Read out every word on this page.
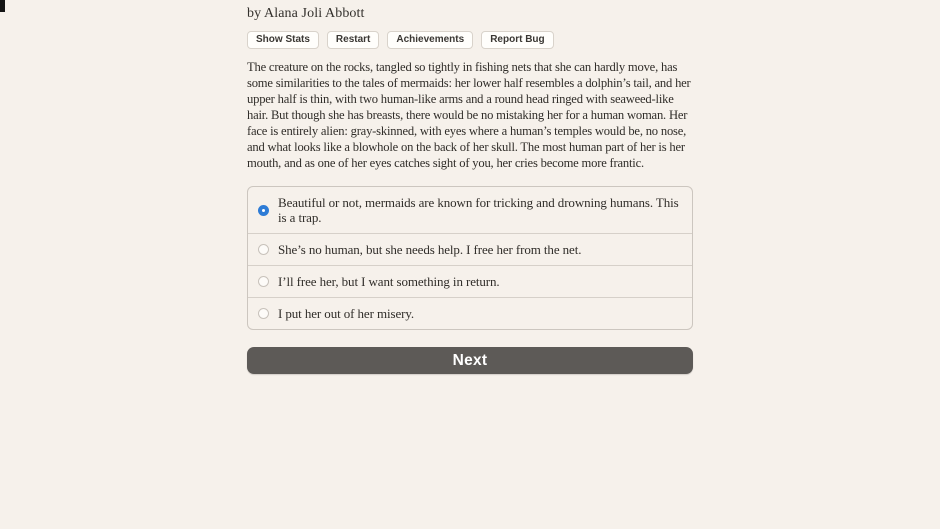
by Alana Joli Abbott

Show Stats	Restart	Achievements	Report Bug

The creature on the rocks, tangled so tightly in fishing nets that she can hardly move, has some similarities to the tales of mermaids: her lower half resembles a dolphin’s tail, and her upper half is thin, with two human-like arms and a round head ringed with seaweed-like hair. But though she has breasts, there would be no mistaking her for a human woman. Her face is entirely alien: gray-skinned, with eyes where a human’s temples would be, no nose, and what looks like a blowhole on the back of her skull. The most human part of her is her mouth, and as one of her eyes catches sight of you, her cries become more frantic.

Beautiful or not, mermaids are known for tricking and drowning humans. This is a trap.
She’s no human, but she needs help. I free her from the net.
I’ll free her, but I want something in return.
I put her out of her misery.
Next
